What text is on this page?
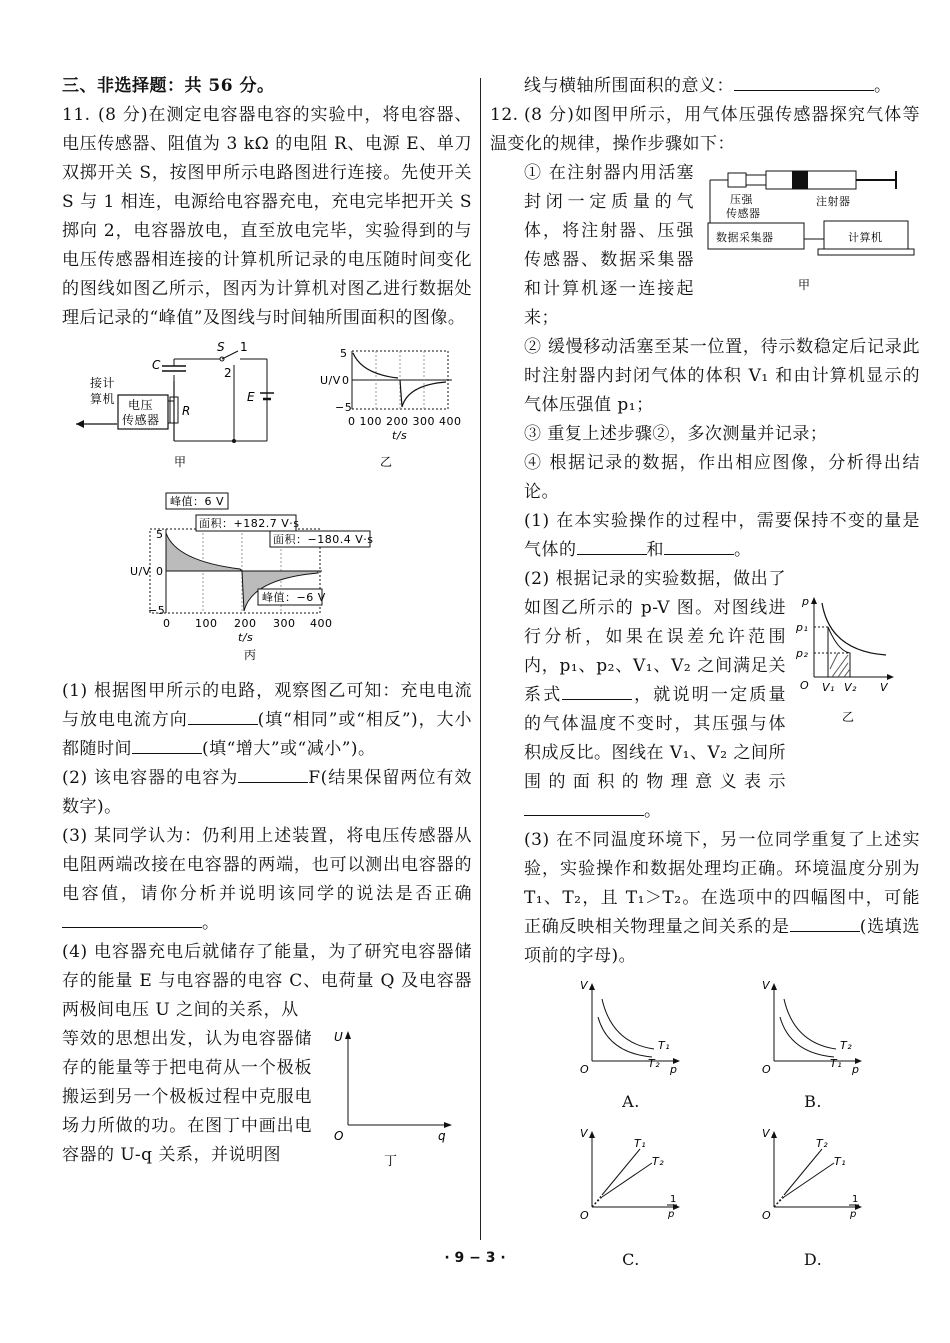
三、非选择题：共 56 分。

11. (8 分)在测定电容器电容的实验中，将电容器、电压传感器、阻值为 3 kΩ 的电阻 R、电源 E、单刀双掷开关 S，按图甲所示电路图进行连接。先使开关 S 与 1 相连，电源给电容器充电，充电完毕把开关 S 掷向 2，电容器放电，直至放电完毕，实验得到的与电压传感器相连接的计算机所记录的电压随时间变化的图线如图乙所示，图丙为计算机对图乙进行数据处理后记录的“峰值”及图线与时间轴所围面积的图像。

接计
算机 电压
传感器
C
R
S 1
2
E
甲
5
U/V 0
−5
0 100 200 300 400
t/s
乙
峰值：6 V
面积：+182.7 V·s
面积：−180.4 V·s
峰值：−6 V
5
U/V 0
−5
0 100 200 300 400
t/s
丙

(1) 根据图甲所示的电路，观察图乙可知：充电电流与放电电流方向	(填“相同”或“相反”)，大小都随时间	(填“增大”或“减小”)。

(2) 该电容器的电容为	F(结果保留两位有效数字)。

(3) 某同学认为：仍利用上述装置，将电压传感器从电阻两端改接在电容器的两端，也可以测出电容器的电容值，请你分析并说明该同学的说法是否正确。

(4) 电容器充电后就储存了能量，为了研究电容器储存的能量 E 与电容器的电容 C、电荷量 Q 及电容器两极间电压 U 之间的关系，从

等效的思想出发，认为电容器储存的能量等于把电荷从一个极板搬运到另一个极板过程中克服电场力所做的功。在图丁中画出电容器的 U-q 关系，并说明图

U
q
O
丁

线与横轴所围面积的意义：	。

12. (8 分)如图甲所示，用气体压强传感器探究气体等温变化的规律，操作步骤如下：

① 在注射器内用活塞封闭一定质量的气体，将注射器、压强传感器、数据采集器和计算机逐一连接起来；

压强
传感器
注射器
数据采集器	计算机
甲

② 缓慢移动活塞至某一位置，待示数稳定后记录此时注射器内封闭气体的体积 V₁ 和由计算机显示的气体压强值 p₁；

③ 重复上述步骤②，多次测量并记录；

④ 根据记录的数据，作出相应图像，分析得出结论。

(1) 在本实验操作的过程中，需要保持不变的量是气体的	和	。

(2) 根据记录的实验数据，做出了如图乙所示的 p-V 图。对图线进行分析，如果在误差允许范围内，p₁、p₂、V₁、V₂ 之间满足关系式	，就说明一定质量的气体温度不变时，其压强与体积成反比。图线在 V₁、V₂ 之间所围的面积的物理意义表示。

p
p₁
p₂
O V₁ V₂ V
乙

(3) 在不同温度环境下，另一位同学重复了上述实验，实验操作和数据处理均正确。环境温度分别为 T₁、T₂，且 T₁＞T₂。在选项中的四幅图中，可能正确反映相关物理量之间关系的是	(选填选项前的字母)。

V
O	p
T₁
T₂
A.
V
O	p
T₂
T₁
B.
V
O
1
p
T₁
T₂
C.
V
O
1
p
T₂
T₁
D.
· 9 − 3 ·
